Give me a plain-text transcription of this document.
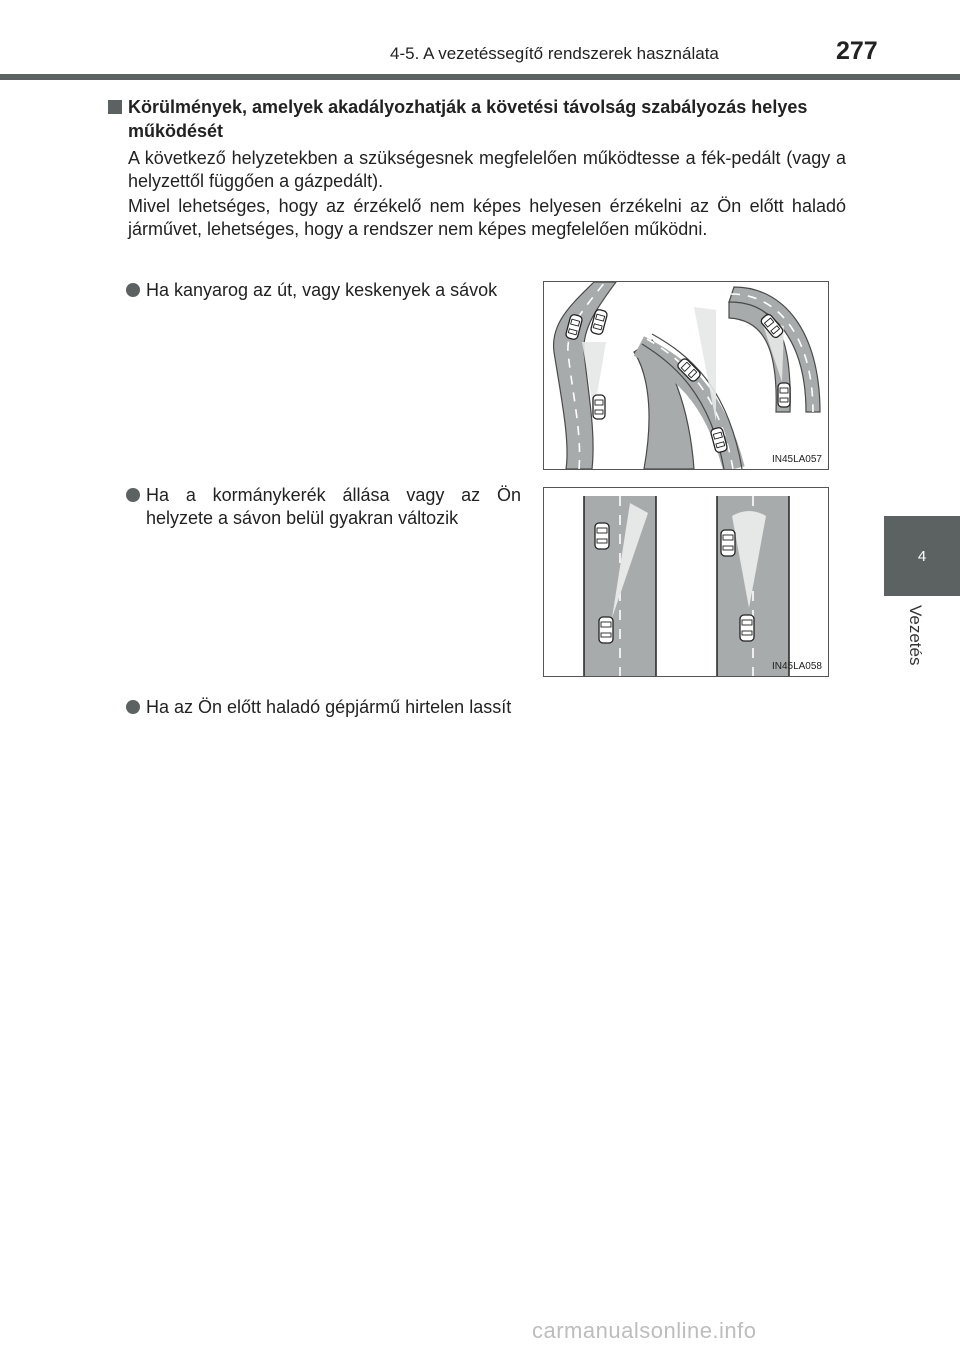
4-5. A vezetéssegítő rendszerek használata	277
4
Vezetés
Körülmények, amelyek akadályozhatják a követési távolság szabályozás helyes működését
A következő helyzetekben a szükségesnek megfelelően működtesse a fék-pedált (vagy a helyzettől függően a gázpedált).
Mivel lehetséges, hogy az érzékelő nem képes helyesen érzékelni az Ön előtt haladó járművet, lehetséges, hogy a rendszer nem képes megfelelően működni.
Ha kanyarog az út, vagy keskenyek a sávok
IN45LA057
Ha a kormánykerék állása vagy az Ön helyzete a sávon belül gyakran változik
IN45LA058
Ha az Ön előtt haladó gépjármű hirtelen lassít
carmanualsonline.info
